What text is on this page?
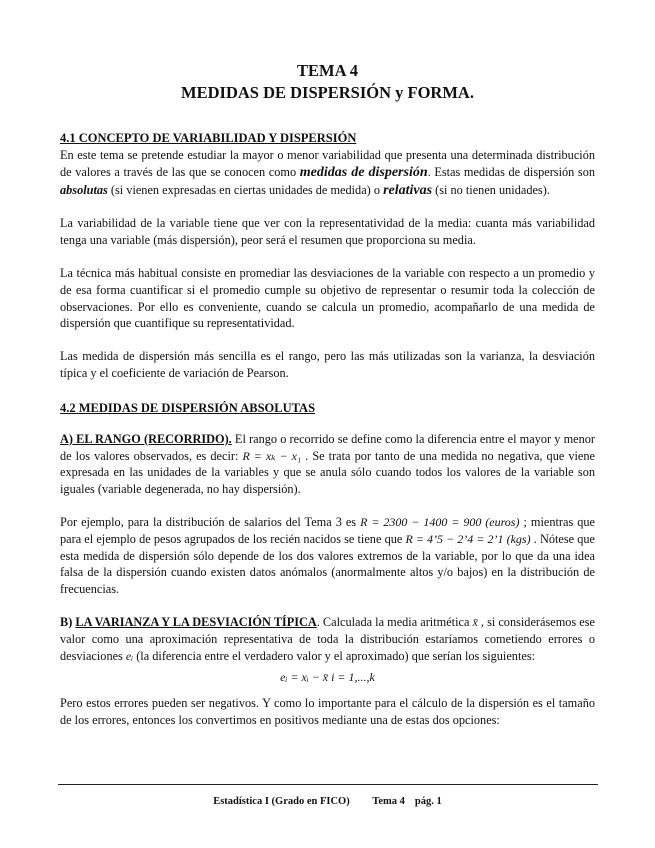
TEMA 4
MEDIDAS DE DISPERSIÓN y FORMA.
4.1 CONCEPTO DE VARIABILIDAD Y DISPERSIÓN

En este tema se pretende estudiar la mayor o menor variabilidad que presenta una determinada distribución de valores a través de las que se conocen como medidas de dispersión. Estas medidas de dispersión son absolutas (si vienen expresadas en ciertas unidades de medida) o relativas (si no tienen unidades).

La variabilidad de la variable tiene que ver con la representatividad de la media: cuanta más variabilidad tenga una variable (más dispersión), peor será el resumen que proporciona su media.

La técnica más habitual consiste en promediar las desviaciones de la variable con respecto a un promedio y de esa forma cuantificar si el promedio cumple su objetivo de representar o resumir toda la colección de observaciones. Por ello es conveniente, cuando se calcula un promedio, acompañarlo de una medida de dispersión que cuantifique su representatividad.

Las medida de dispersión más sencilla es el rango, pero las más utilizadas son la varianza, la desviación típica y el coeficiente de variación de Pearson.

4.2 MEDIDAS DE DISPERSIÓN ABSOLUTAS

A) EL RANGO (RECORRIDO). El rango o recorrido se define como la diferencia entre el mayor y menor de los valores observados, es decir: R = xₖ − x₁ . Se trata por tanto de una medida no negativa, que viene expresada en las unidades de la variables y que se anula sólo cuando todos los valores de la variable son iguales (variable degenerada, no hay dispersión).

Por ejemplo, para la distribución de salarios del Tema 3 es R = 2300 − 1400 = 900 (euros) ; mientras que para el ejemplo de pesos agrupados de los recién nacidos se tiene que R = 4’5 − 2’4 = 2’1 (kgs) . Nótese que esta medida de dispersión sólo depende de los dos valores extremos de la variable, por lo que da una idea falsa de la dispersión cuando existen datos anómalos (anormalmente altos y/o bajos) en la distribución de frecuencias.

B) LA VARIANZA Y LA DESVIACIÓN TÍPICA. Calculada la media aritmética x̄ , si considerásemos ese valor como una aproximación representativa de toda la distribución estaríamos cometiendo errores o desviaciones eᵢ (la diferencia entre el verdadero valor y el aproximado) que serían los siguientes:

eᵢ = xᵢ − x̄ i = 1,...,k

Pero estos errores pueden ser negativos. Y como lo importante para el cálculo de la dispersión es el tamaño de los errores, entonces los convertimos en positivos mediante una de estas dos opciones:

Estadística I (Grado en FICO) Tema 4 pág. 1
